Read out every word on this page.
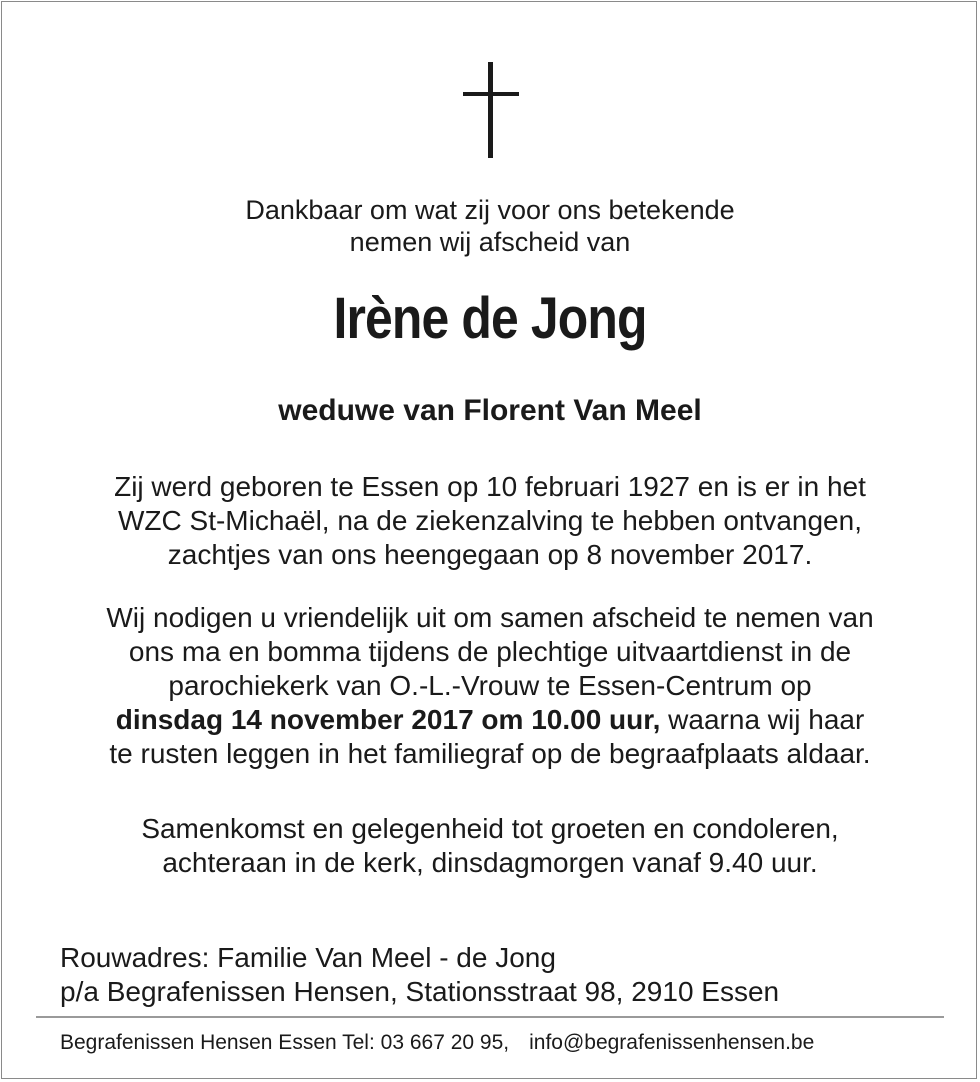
Dankbaar om wat zij voor ons betekende
nemen wij afscheid van
Irène de Jong
weduwe van Florent Van Meel
Zij werd geboren te Essen op 10 februari 1927 en is er in het
WZC St-Michaël, na de ziekenzalving te hebben ontvangen,
zachtjes van ons heengegaan op 8 november 2017.
Wij nodigen u vriendelijk uit om samen afscheid te nemen van
ons ma en bomma tijdens de plechtige uitvaartdienst in de
parochiekerk van O.-L.-Vrouw te Essen-Centrum op
dinsdag 14 november 2017 om 10.00 uur, waarna wij haar
te rusten leggen in het familiegraf op de begraafplaats aldaar.
Samenkomst en gelegenheid tot groeten en condoleren,
achteraan in de kerk, dinsdagmorgen vanaf 9.40 uur.
Rouwadres: Familie Van Meel - de Jong
p/a Begrafenissen Hensen, Stationsstraat 98, 2910 Essen
Begrafenissen Hensen Essen Tel: 03 667 20 95, info@begrafenissenhensen.be
